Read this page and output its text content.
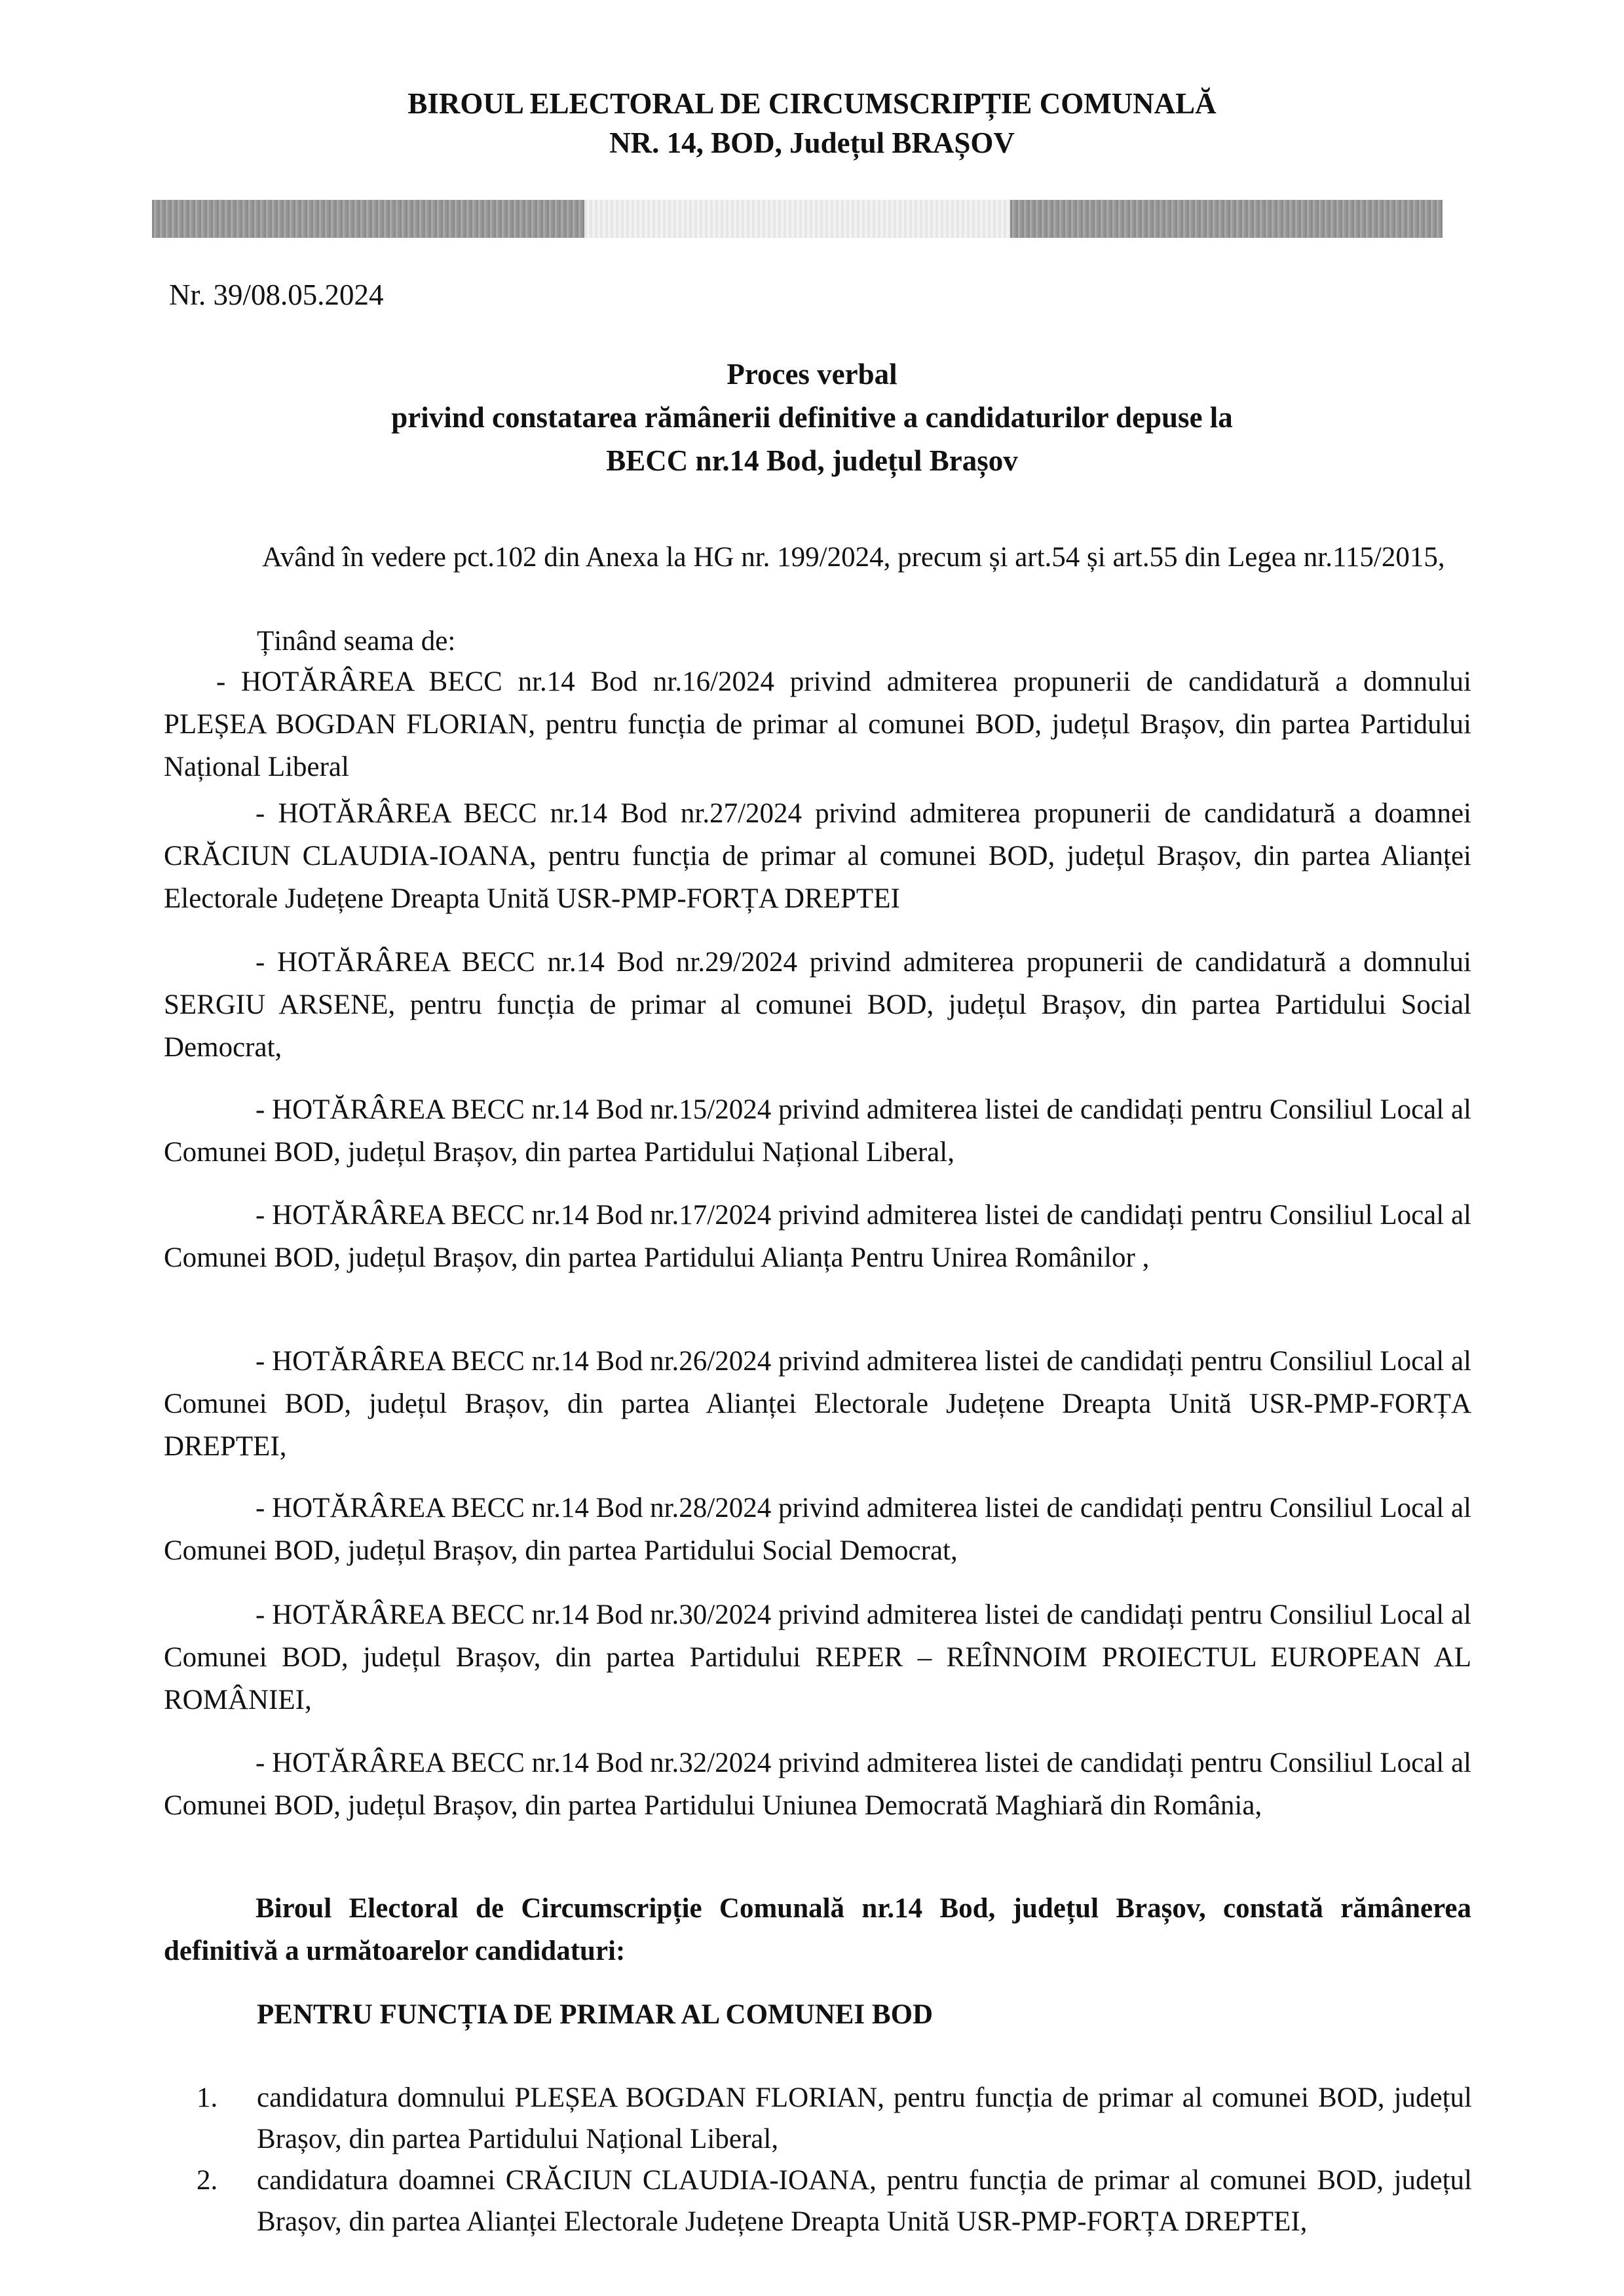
BIROUL ELECTORAL DE CIRCUMSCRIPȚIE COMUNALĂ
NR. 14, BOD, Județul BRAȘOV
Nr. 39/08.05.2024
Proces verbal
privind constatarea rămânerii definitive a candidaturilor depuse la
BECC nr.14 Bod, județul Brașov

Având în vedere pct.102 din Anexa la HG nr. 199/2024, precum și art.54 și art.55 din Legea nr.115/2015,

Ținând seama de:

- HOTĂRÂREA BECC nr.14 Bod nr.16/2024 privind admiterea propunerii de candidatură a domnului PLEȘEA BOGDAN FLORIAN, pentru funcția de primar al comunei BOD, județul Brașov, din partea Partidului Național Liberal

- HOTĂRÂREA BECC nr.14 Bod nr.27/2024 privind admiterea propunerii de candidatură a doamnei CRĂCIUN CLAUDIA-IOANA, pentru funcția de primar al comunei BOD, județul Brașov, din partea Alianței Electorale Județene Dreapta Unită USR-PMP-FORȚA DREPTEI

- HOTĂRÂREA BECC nr.14 Bod nr.29/2024 privind admiterea propunerii de candidatură a domnului SERGIU ARSENE, pentru funcția de primar al comunei BOD, județul Brașov, din partea Partidului Social Democrat,

- HOTĂRÂREA BECC nr.14 Bod nr.15/2024 privind admiterea listei de candidați pentru Consiliul Local al Comunei BOD, județul Brașov, din partea Partidului Național Liberal,

- HOTĂRÂREA BECC nr.14 Bod nr.17/2024 privind admiterea listei de candidați pentru Consiliul Local al Comunei BOD, județul Brașov, din partea Partidului Alianța Pentru Unirea Românilor ,

- HOTĂRÂREA BECC nr.14 Bod nr.26/2024 privind admiterea listei de candidați pentru Consiliul Local al Comunei BOD, județul Brașov, din partea Alianței Electorale Județene Dreapta Unită USR-PMP-FORȚA DREPTEI,

- HOTĂRÂREA BECC nr.14 Bod nr.28/2024 privind admiterea listei de candidați pentru Consiliul Local al Comunei BOD, județul Brașov, din partea Partidului Social Democrat,

- HOTĂRÂREA BECC nr.14 Bod nr.30/2024 privind admiterea listei de candidați pentru Consiliul Local al Comunei BOD, județul Brașov, din partea Partidului REPER – REÎNNOIM PROIECTUL EUROPEAN AL ROMÂNIEI,

- HOTĂRÂREA BECC nr.14 Bod nr.32/2024 privind admiterea listei de candidați pentru Consiliul Local al Comunei BOD, județul Brașov, din partea Partidului Uniunea Democrată Maghiară din România,

Biroul Electoral de Circumscripție Comunală nr.14 Bod, județul Brașov, constată rămânerea definitivă a următoarelor candidaturi:

PENTRU FUNCȚIA DE PRIMAR AL COMUNEI BOD

1. candidatura domnului PLEȘEA BOGDAN FLORIAN, pentru funcția de primar al comunei BOD, județul Brașov, din partea Partidului Național Liberal,
2. candidatura doamnei CRĂCIUN CLAUDIA-IOANA, pentru funcția de primar al comunei BOD, județul Brașov, din partea Alianței Electorale Județene Dreapta Unită USR-PMP-FORȚA DREPTEI,
